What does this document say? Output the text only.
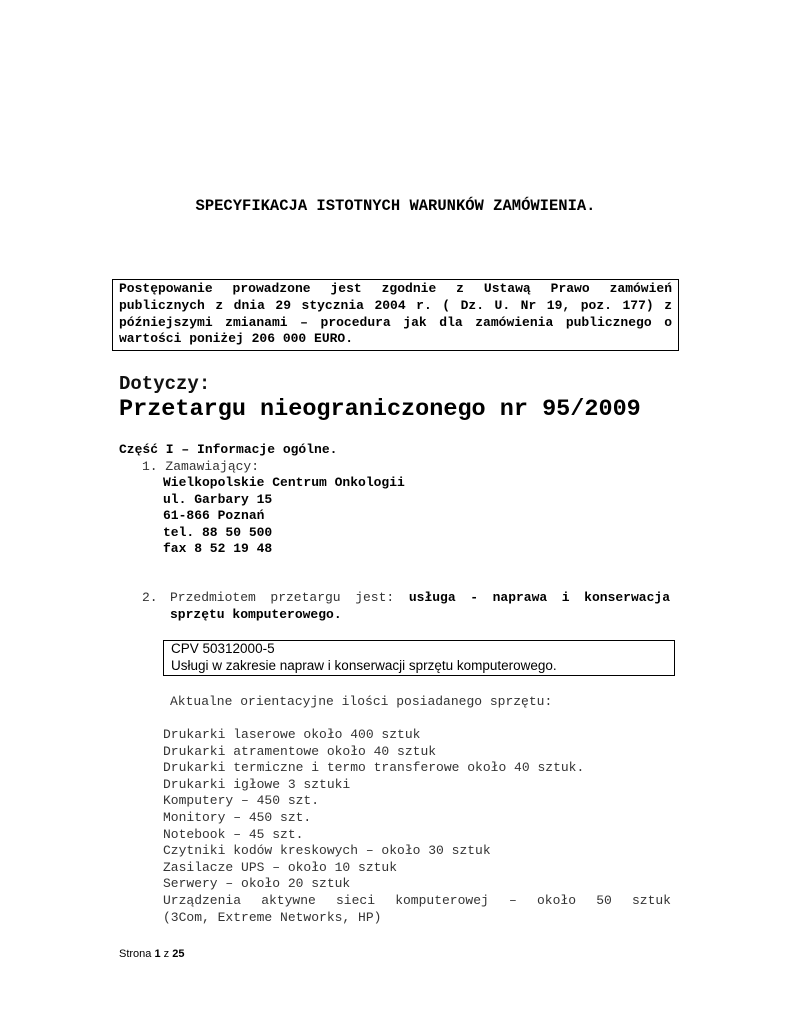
SPECYFIKACJA ISTOTNYCH WARUNKÓW ZAMÓWIENIA.
Postępowanie prowadzone jest zgodnie z Ustawą Prawo zamówień publicznych z dnia 29 stycznia 2004 r. ( Dz. U. Nr 19, poz. 177) z późniejszymi zmianami – procedura jak dla zamówienia publicznego o wartości poniżej 206 000 EURO.
Dotyczy:
Przetargu nieograniczonego nr 95/2009
Część I – Informacje ogólne.
1. Zamawiający:
Wielkopolskie Centrum Onkologii
ul. Garbary 15
61-866 Poznań
tel. 88 50 500
fax 8 52 19 48
2. Przedmiotem przetargu jest: usługa - naprawa i konserwacja sprzętu komputerowego.
CPV 50312000-5
Usługi w zakresie napraw i konserwacji sprzętu komputerowego.
Aktualne orientacyjne ilości posiadanego sprzętu:
Drukarki laserowe około 400 sztuk
Drukarki atramentowe około 40 sztuk
Drukarki termiczne i termo transferowe około 40 sztuk.
Drukarki igłowe 3 sztuki
Komputery – 450 szt.
Monitory – 450 szt.
Notebook – 45 szt.
Czytniki kodów kreskowych – około 30 sztuk
Zasilacze UPS – około 10 sztuk
Serwery – około 20 sztuk
Urządzenia aktywne sieci komputerowej – około 50 sztuk
(3Com, Extreme Networks, HP)
Strona 1 z 25
